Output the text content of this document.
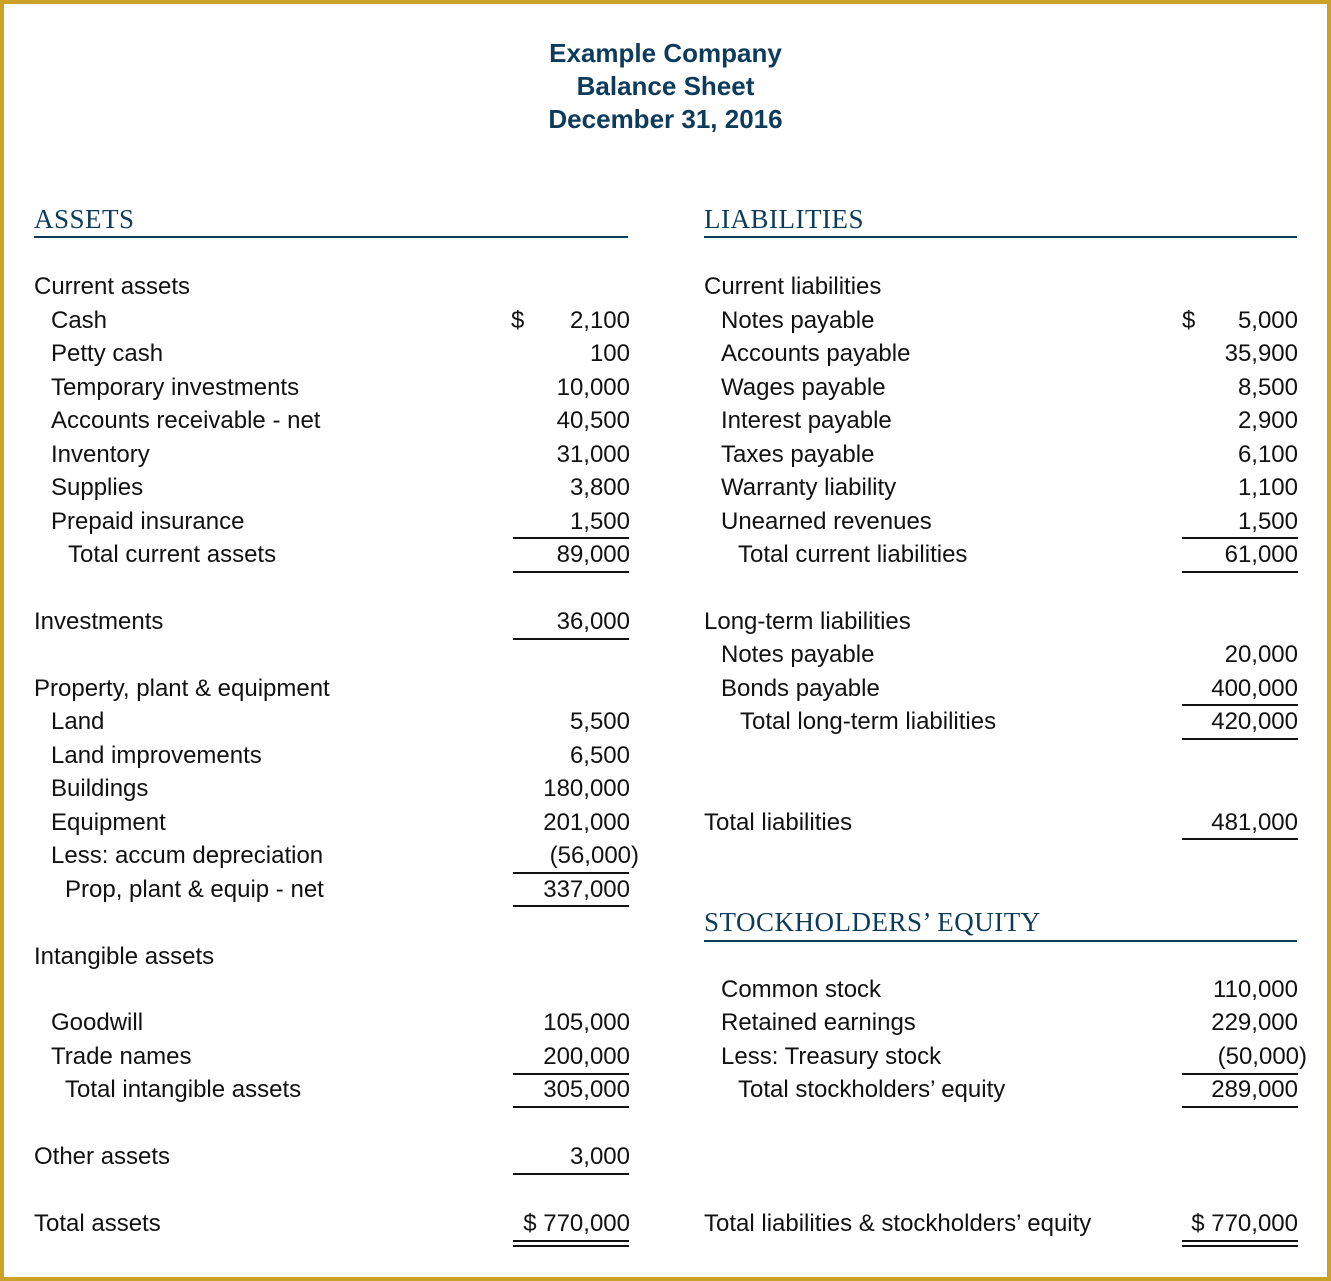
Example Company
Balance Sheet
December 31, 2016
ASSETS
Current assets
Cash	$	2,100
Petty cash	100
Temporary investments	10,000
Accounts receivable - net	40,500
Inventory	31,000
Supplies	3,800
Prepaid insurance	1,500
Total current assets	89,000
Investments	36,000
Property, plant & equipment
Land	5,500
Land improvements	6,500
Buildings	180,000
Equipment	201,000
Less: accum depreciation	(56,000)
Prop, plant & equip - net	337,000
Intangible assets
Goodwill	105,000
Trade names	200,000
Total intangible assets	305,000
Other assets	3,000
Total assets	$ 770,000
LIABILITIES
Current liabilities
Notes payable	$	5,000
Accounts payable	35,900
Wages payable	8,500
Interest payable	2,900
Taxes payable	6,100
Warranty liability	1,100
Unearned revenues	1,500
Total current liabilities	61,000
Long-term liabilities
Notes payable	20,000
Bonds payable	400,000
Total long-term liabilities	420,000
Total liabilities	481,000
STOCKHOLDERS’ EQUITY
Common stock	110,000
Retained earnings	229,000
Less: Treasury stock	(50,000)
Total stockholders’ equity	289,000
Total liabilities & stockholders’ equity	$ 770,000
